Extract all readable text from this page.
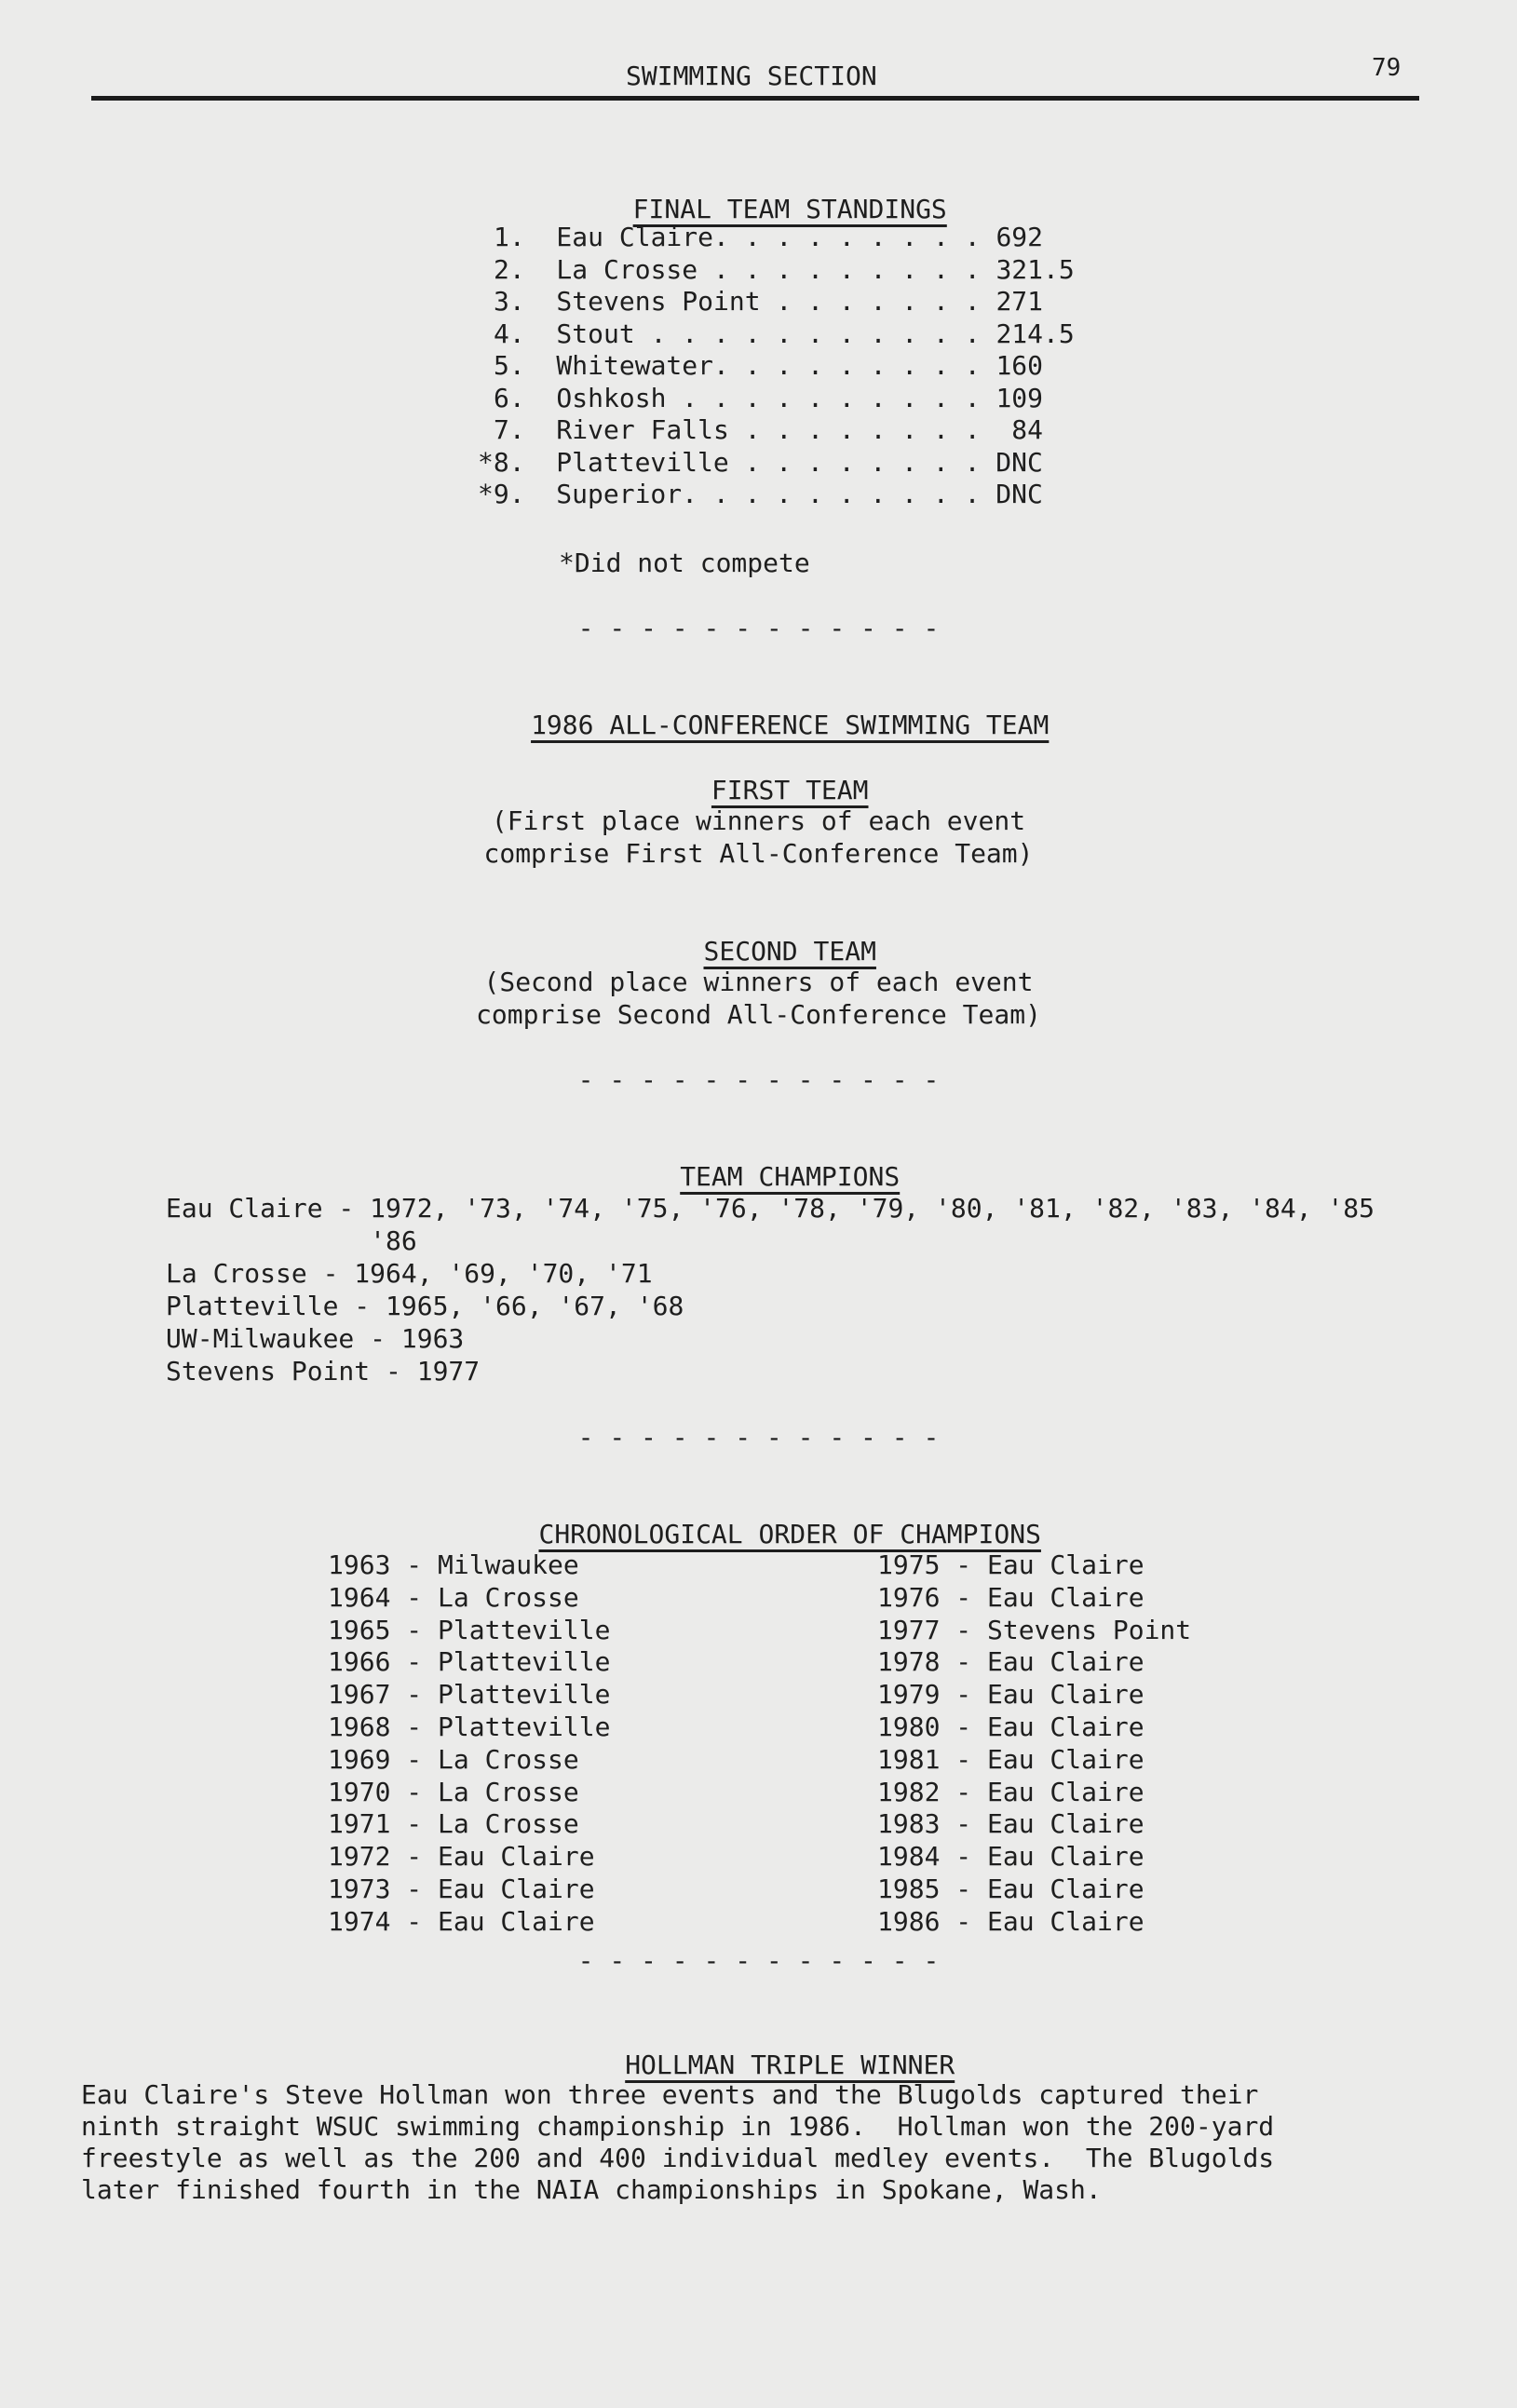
SWIMMING SECTION	79

FINAL TEAM STANDINGS

1.  Eau Claire. . . . . . . . . 692
2.  La Crosse . . . . . . . . . 321.5
3.  Stevens Point . . . . . . . 271
4.  Stout . . . . . . . . . . . 214.5
5.  Whitewater. . . . . . . . . 160
6.  Oshkosh . . . . . . . . . . 109
7.  River Falls . . . . . . . .  84
*8.  Platteville . . . . . . . . DNC
*9.  Superior. . . . . . . . . . DNC
*Did not compete
- - - - - - - - - - - -

1986 ALL-CONFERENCE SWIMMING TEAM

FIRST TEAM

(First place winners of each event
comprise First All-Conference Team)

SECOND TEAM

(Second place winners of each event
comprise Second All-Conference Team)
- - - - - - - - - - - -

TEAM CHAMPIONS

Eau Claire - 1972, '73, '74, '75, '76, '78, '79, '80, '81, '82, '83, '84, '85
'86
La Crosse - 1964, '69, '70, '71
Platteville - 1965, '66, '67, '68
UW-Milwaukee - 1963
Stevens Point - 1977
- - - - - - - - - - - -

CHRONOLOGICAL ORDER OF CHAMPIONS

1963 - Milwaukee
1964 - La Crosse
1965 - Platteville
1966 - Platteville
1967 - Platteville
1968 - Platteville
1969 - La Crosse
1970 - La Crosse
1971 - La Crosse
1972 - Eau Claire
1973 - Eau Claire
1974 - Eau Claire
1975 - Eau Claire
1976 - Eau Claire
1977 - Stevens Point
1978 - Eau Claire
1979 - Eau Claire
1980 - Eau Claire
1981 - Eau Claire
1982 - Eau Claire
1983 - Eau Claire
1984 - Eau Claire
1985 - Eau Claire
1986 - Eau Claire
- - - - - - - - - - - -

HOLLMAN TRIPLE WINNER

Eau Claire's Steve Hollman won three events and the Blugolds captured their
ninth straight WSUC swimming championship in 1986.  Hollman won the 200-yard
freestyle as well as the 200 and 400 individual medley events.  The Blugolds
later finished fourth in the NAIA championships in Spokane, Wash.
